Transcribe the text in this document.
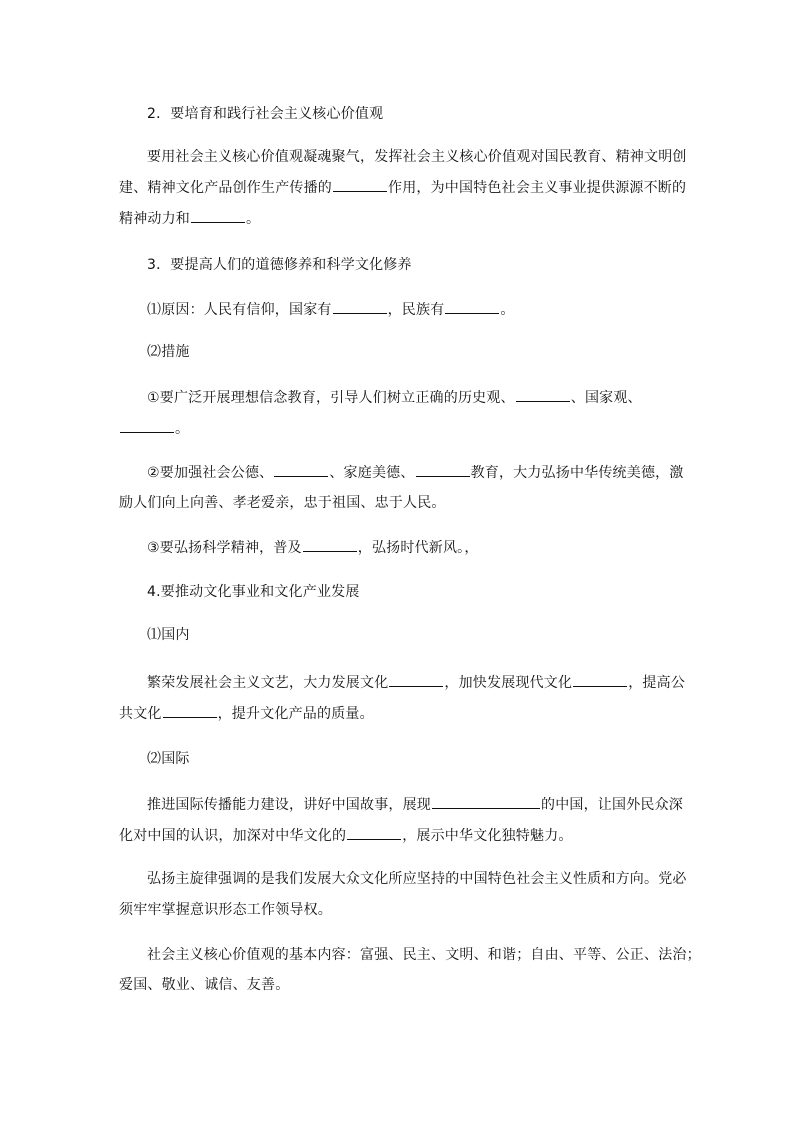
2．要培育和践行社会主义核心价值观
要用社会主义核心价值观凝魂聚气，发挥社会主义核心价值观对国民教育、精神文明创
建、精神文化产品创作生产传播的	作用，为中国特色社会主义事业提供源源不断的
精神动力和	。
3．要提高人们的道德修养和科学文化修养
⑴原因：人民有信仰，国家有	，民族有	。
⑵措施
①要广泛开展理想信念教育，引导人们树立正确的历史观、	、国家观、
。
②要加强社会公德、	、家庭美德、	教育，大力弘扬中华传统美德，激
励人们向上向善、孝老爱亲，忠于祖国、忠于人民。
③要弘扬科学精神，普及	，弘扬时代新风。，
4.要推动文化事业和文化产业发展
⑴国内
繁荣发展社会主义文艺，大力发展文化	，加快发展现代文化	，提高公
共文化	，提升文化产品的质量。
⑵国际
推进国际传播能力建设，讲好中国故事，展现	的中国，让国外民众深
化对中国的认识，加深对中华文化的	，展示中华文化独特魅力。
弘扬主旋律强调的是我们发展大众文化所应坚持的中国特色社会主义性质和方向。党必
须牢牢掌握意识形态工作领导权。
社会主义核心价值观的基本内容：富强、民主、文明、和谐；自由、平等、公正、法治；
爱国、敬业、诚信、友善。
